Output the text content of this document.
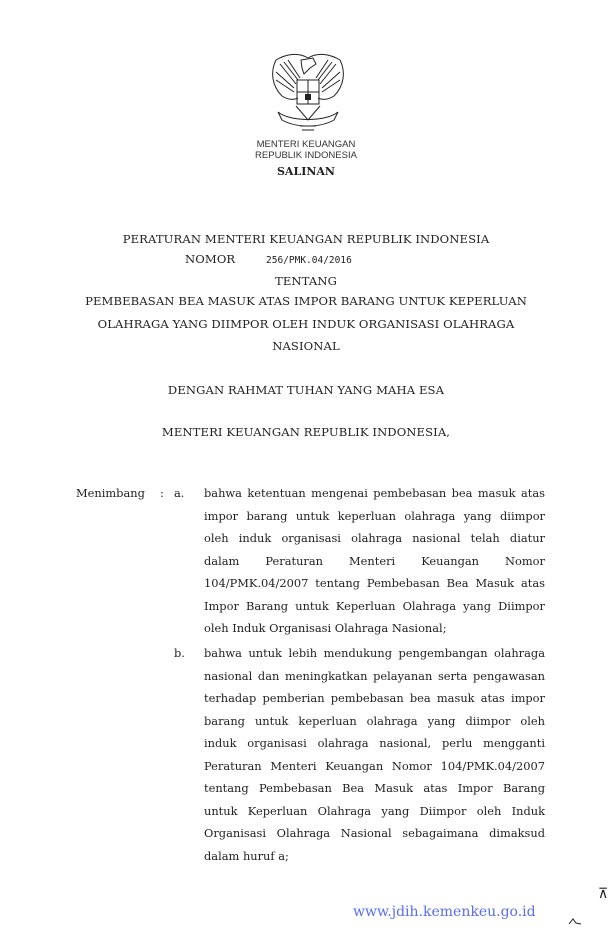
MENTERI KEUANGAN
REPUBLIK INDONESIA
SALINAN
PERATURAN MENTERI KEUANGAN REPUBLIK INDONESIA
NOMOR	256/PMK.04/2016
TENTANG
PEMBEBASAN BEA MASUK ATAS IMPOR BARANG UNTUK KEPERLUAN
OLAHRAGA YANG DIIMPOR OLEH INDUK ORGANISASI OLAHRAGA
NASIONAL
DENGAN RAHMAT TUHAN YANG MAHA ESA
MENTERI KEUANGAN REPUBLIK INDONESIA,
Menimbang : a.
b.
bahwa ketentuan mengenai pembebasan bea masuk atas
impor barang untuk keperluan olahraga yang diimpor
oleh induk organisasi olahraga nasional telah diatur
dalam Peraturan Menteri Keuangan Nomor
104/PMK.04/2007 tentang Pembebasan Bea Masuk atas
Impor Barang untuk Keperluan Olahraga yang Diimpor
oleh Induk Organisasi Olahraga Nasional;
bahwa untuk lebih mendukung pengembangan olahraga
nasional dan meningkatkan pelayanan serta pengawasan
terhadap pemberian pembebasan bea masuk atas impor
barang untuk keperluan olahraga yang diimpor oleh
induk organisasi olahraga nasional, perlu mengganti
Peraturan Menteri Keuangan Nomor 104/PMK.04/2007
tentang Pembebasan Bea Masuk atas Impor Barang
untuk Keperluan Olahraga yang Diimpor oleh Induk
Organisasi Olahraga Nasional sebagaimana dimaksud
dalam huruf a;
⊼
www.jdih.kemenkeu.go.id
